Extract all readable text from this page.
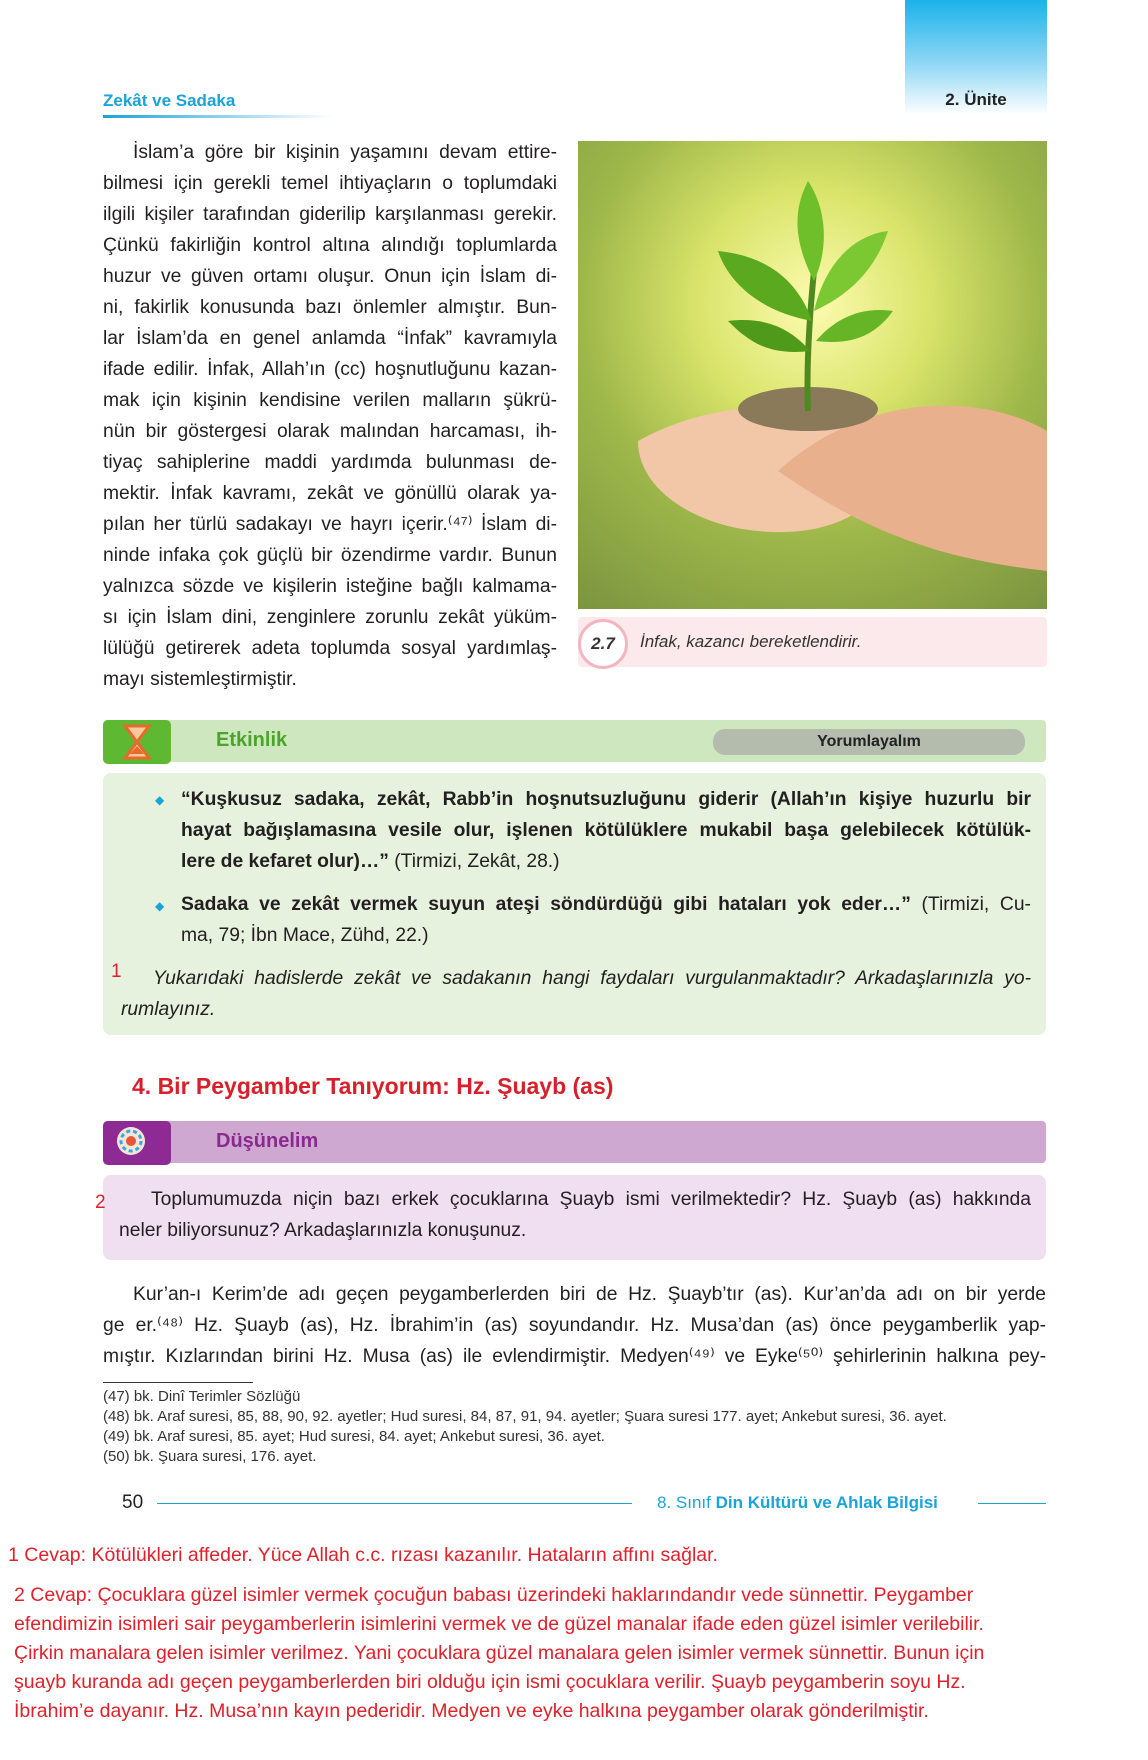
2. Ünite
Zekât ve Sadaka
İslam’a göre bir kişinin yaşamını devam ettire-
bilmesi için gerekli temel ihtiyaçların o toplumdaki
ilgili kişiler tarafından giderilip karşılanması gerekir.
Çünkü fakirliğin kontrol altına alındığı toplumlarda
huzur ve güven ortamı oluşur. Onun için İslam di-
ni, fakirlik konusunda bazı önlemler almıştır. Bun-
lar İslam’da en genel anlamda “İnfak” kavramıyla
ifade edilir. İnfak, Allah’ın (cc) hoşnutluğunu kazan-
mak için kişinin kendisine verilen malların şükrü-
nün bir göstergesi olarak malından harcaması, ih-
tiyaç sahiplerine maddi yardımda bulunması de-
mektir. İnfak kavramı, zekât ve gönüllü olarak ya-
pılan her türlü sadakayı ve hayrı içerir.⁽⁴⁷⁾ İslam di-
ninde infaka çok güçlü bir özendirme vardır. Bunun
yalnızca sözde ve kişilerin isteğine bağlı kalmama-
sı için İslam dini, zenginlere zorunlu zekât yüküm-
lülüğü getirerek adeta toplumda sosyal yardımlaş-
mayı sistemleştirmiştir.
2.7	İnfak, kazancı bereketlendirir.
Etkinlik	Yorumlayalım
◆ “Kuşkusuz sadaka, zekât, Rabb’in hoşnutsuzluğunu giderir (Allah’ın kişiye huzurlu bir
hayat bağışlamasına vesile olur, işlenen kötülüklere mukabil başa gelebilecek kötülük-
lere de kefaret olur)…” (Tirmizi, Zekât, 28.)
◆ Sadaka ve zekât vermek suyun ateşi söndürdüğü gibi hataları yok eder…” (Tirmizi, Cu-
ma, 79; İbn Mace, Zühd, 22.)
1	Yukarıdaki hadislerde zekât ve sadakanın hangi faydaları vurgulanmaktadır? Arkadaşlarınızla yo-
rumlayınız.
4. Bir Peygamber Tanıyorum: Hz. Şuayb (as)
Düşünelim
2	Toplumumuzda niçin bazı erkek çocuklarına Şuayb ismi verilmektedir? Hz. Şuayb (as) hakkında
neler biliyorsunuz? Arkadaşlarınızla konuşunuz.
Kur’an-ı Kerim’de adı geçen peygamberlerden biri de Hz. Şuayb’tır (as). Kur’an’da adı on bir yerde
ge er.⁽⁴⁸⁾ Hz. Şuayb (as), Hz. İbrahim’in (as) soyundandır. Hz. Musa’dan (as) önce peygamberlik yap-
mıştır. Kızlarından birini Hz. Musa (as) ile evlendirmiştir. Medyen⁽⁴⁹⁾ ve Eyke⁽⁵⁰⁾ şehirlerinin halkına pey-
(47) bk. Dinî Terimler Sözlüğü
(48) bk. Araf suresi, 85, 88, 90, 92. ayetler; Hud suresi, 84, 87, 91, 94. ayetler; Şuara suresi 177. ayet; Ankebut suresi, 36. ayet.
(49) bk. Araf suresi, 85. ayet; Hud suresi, 84. ayet; Ankebut suresi, 36. ayet.
(50) bk. Şuara suresi, 176. ayet.
50	8. Sınıf Din Kültürü ve Ahlak Bilgisi
1 Cevap: Kötülükleri affeder. Yüce Allah c.c. rızası kazanılır. Hataların affını sağlar.
2 Cevap: Çocuklara güzel isimler vermek çocuğun babası üzerindeki haklarındandır vede sünnettir. Peygamber
efendimizin isimleri sair peygamberlerin isimlerini vermek ve de güzel manalar ifade eden güzel isimler verilebilir.
Çirkin manalara gelen isimler verilmez. Yani çocuklara güzel manalara gelen isimler vermek sünnettir. Bunun için
şuayb kuranda adı geçen peygamberlerden biri olduğu için ismi çocuklara verilir. Şuayb peygamberin soyu Hz.
İbrahim’e dayanır. Hz. Musa’nın kayın pederidir. Medyen ve eyke halkına peygamber olarak gönderilmiştir.
